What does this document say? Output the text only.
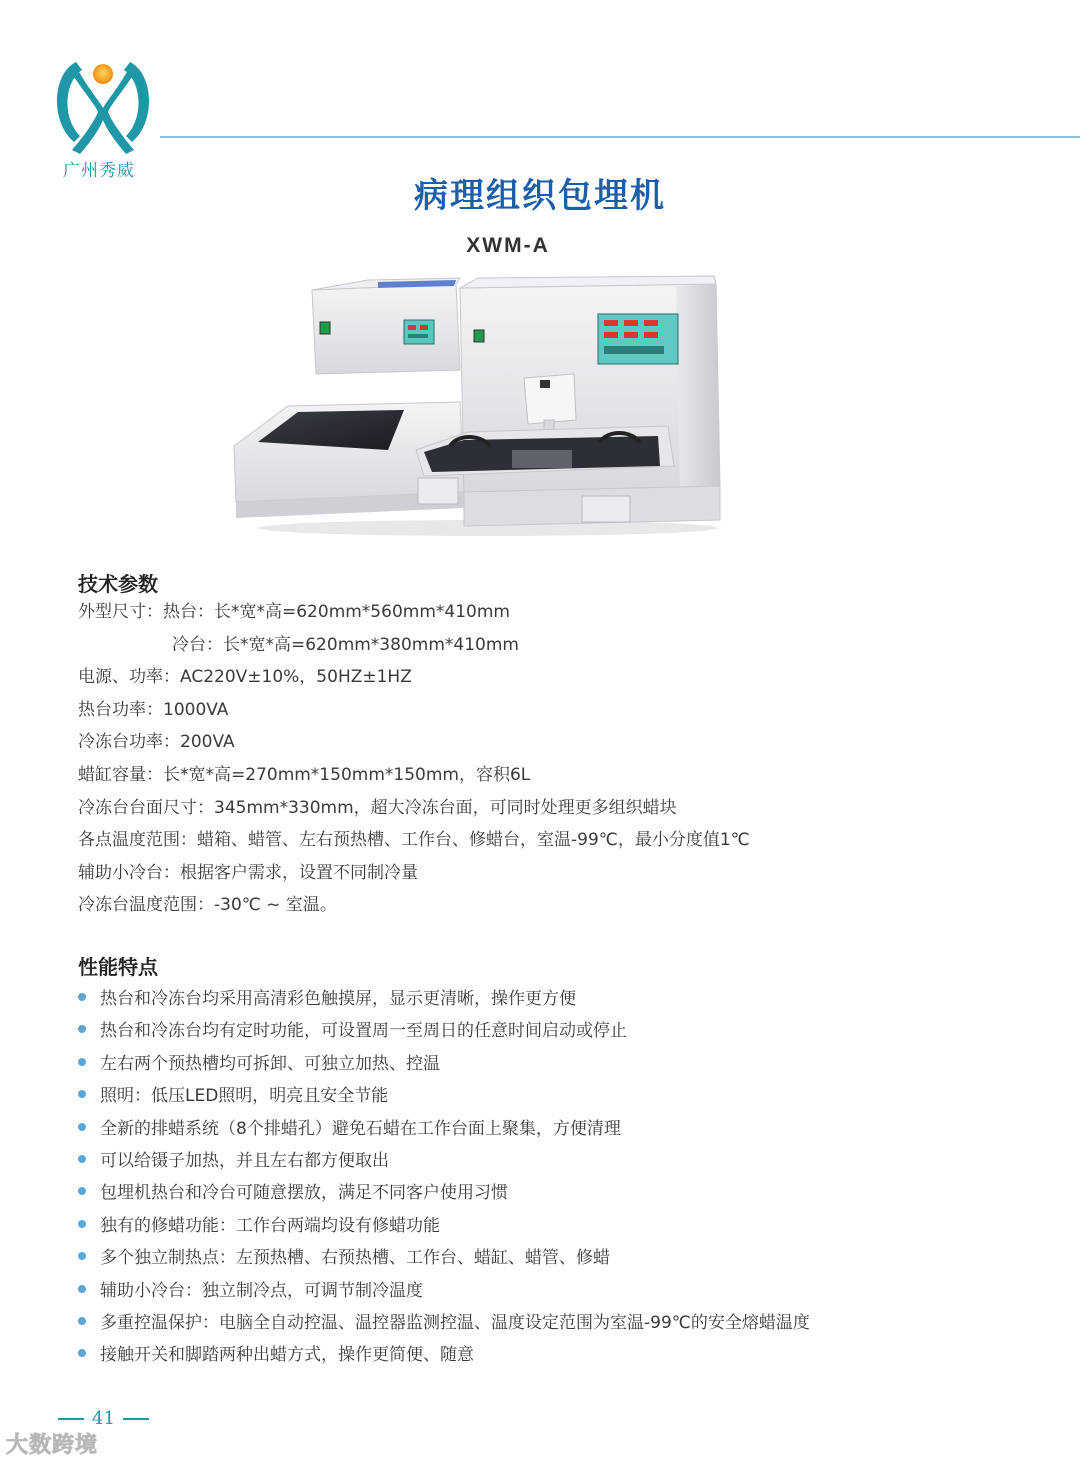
广州秀威
病理组织包埋机
XWM-A
技术参数
外型尺寸：热台：长*宽*高=620mm*560mm*410mm
冷台：长*宽*高=620mm*380mm*410mm
电源、功率：AC220V±10%，50HZ±1HZ
热台功率：1000VA
冷冻台功率：200VA
蜡缸容量：长*宽*高=270mm*150mm*150mm，容积6L
冷冻台台面尺寸：345mm*330mm，超大冷冻台面，可同时处理更多组织蜡块
各点温度范围：蜡箱、蜡管、左右预热槽、工作台、修蜡台，室温-99℃，最小分度值1℃
辅助小冷台：根据客户需求，设置不同制冷量
冷冻台温度范围：-30℃ ~ 室温。
性能特点
热台和冷冻台均采用高清彩色触摸屏，显示更清晰，操作更方便
热台和冷冻台均有定时功能，可设置周一至周日的任意时间启动或停止
左右两个预热槽均可拆卸、可独立加热、控温
照明：低压LED照明，明亮且安全节能
全新的排蜡系统（8个排蜡孔）避免石蜡在工作台面上聚集，方便清理
可以给镊子加热，并且左右都方便取出
包埋机热台和冷台可随意摆放，满足不同客户使用习惯
独有的修蜡功能：工作台两端均设有修蜡功能
多个独立制热点：左预热槽、右预热槽、工作台、蜡缸、蜡管、修蜡
辅助小冷台：独立制冷点，可调节制冷温度
多重控温保护：电脑全自动控温、温控器监测控温、温度设定范围为室温-99℃的安全熔蜡温度
接触开关和脚踏两种出蜡方式，操作更简便、随意
41
大数跨境
